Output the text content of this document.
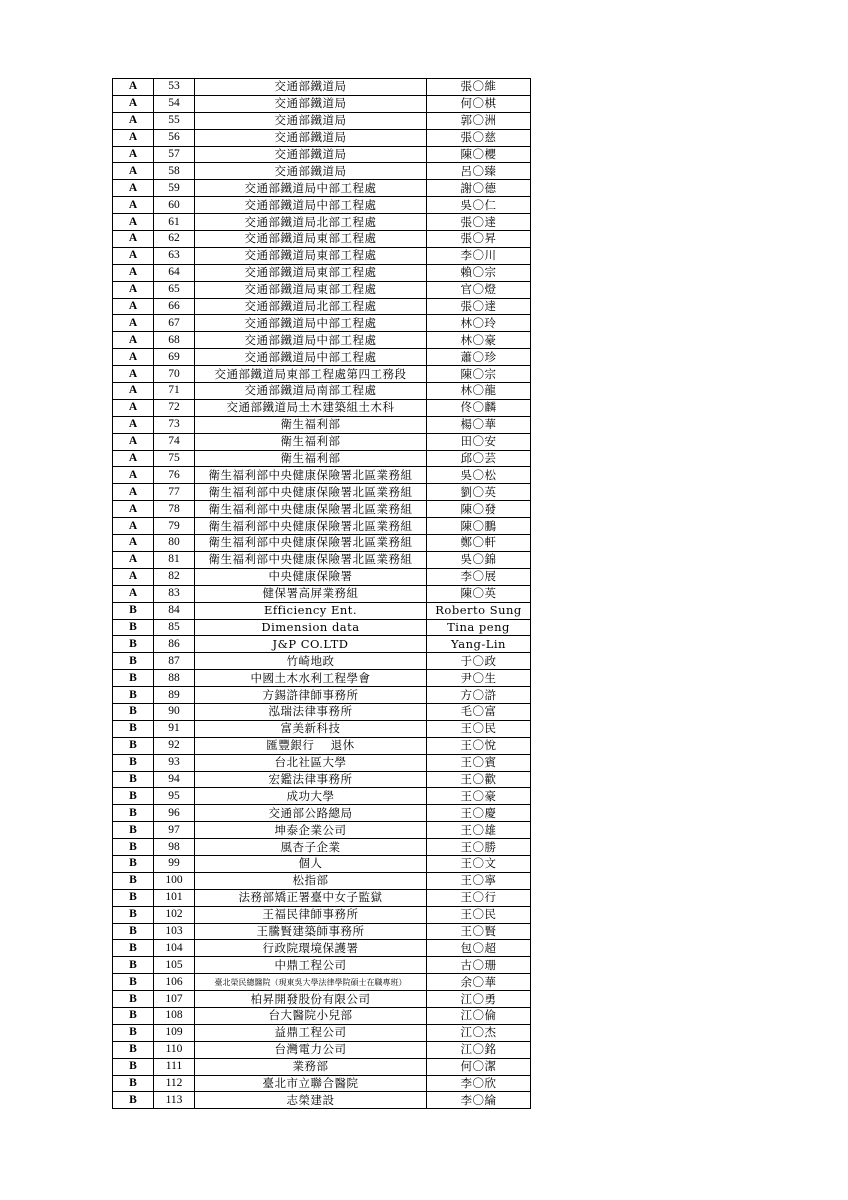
A	53	交通部鐵道局	張〇維
A	54	交通部鐵道局	何〇棋
A	55	交通部鐵道局	郭〇洲
A	56	交通部鐵道局	張〇慈
A	57	交通部鐵道局	陳〇櫻
A	58	交通部鐵道局	呂〇臻
A	59	交通部鐵道局中部工程處	謝〇德
A	60	交通部鐵道局中部工程處	吳〇仁
A	61	交通部鐵道局北部工程處	張〇達
A	62	交通部鐵道局東部工程處	張〇昇
A	63	交通部鐵道局東部工程處	李〇川
A	64	交通部鐵道局東部工程處	賴〇宗
A	65	交通部鐵道局東部工程處	官〇燈
A	66	交通部鐵道局北部工程處	張〇達
A	67	交通部鐵道局中部工程處	林〇玲
A	68	交通部鐵道局中部工程處	林〇豪
A	69	交通部鐵道局中部工程處	蕭〇珍
A	70	交通部鐵道局東部工程處第四工務段	陳〇宗
A	71	交通部鐵道局南部工程處	林〇龍
A	72	交通部鐵道局土木建築組土木科	佟〇麟
A	73	衛生福利部	楊〇華
A	74	衛生福利部	田〇安
A	75	衛生福利部	邱〇芸
A	76	衛生福利部中央健康保險署北區業務組	吳〇松
A	77	衛生福利部中央健康保險署北區業務組	劉〇英
A	78	衛生福利部中央健康保險署北區業務組	陳〇發
A	79	衛生福利部中央健康保險署北區業務組	陳〇鵬
A	80	衛生福利部中央健康保險署北區業務組	鄭〇軒
A	81	衛生福利部中央健康保險署北區業務組	吳〇錦
A	82	中央健康保險署	李〇展
A	83	健保署高屏業務組	陳〇英
B	84	Efficiency Ent.	Roberto Sung
B	85	Dimension data	Tina peng
B	86	J&P CO.LTD	Yang-Lin
B	87	竹崎地政	于〇政
B	88	中國土木水利工程學會	尹〇生
B	89	方錫滸律師事務所	方〇滸
B	90	泓瑞法律事務所	毛〇富
B	91	富美新科技	王〇民
B	92	匯豐銀行　 退休	王〇悅
B	93	台北社區大學	王〇賓
B	94	宏鑑法律事務所	王〇歡
B	95	成功大學	王〇豪
B	96	交通部公路總局	王〇慶
B	97	坤泰企業公司	王〇雄
B	98	風杏子企業	王〇勝
B	99	個人	王〇文
B	100	松指部	王〇寧
B	101	法務部矯正署臺中女子監獄	王〇行
B	102	王福民律師事務所	王〇民
B	103	王騰賢建築師事務所	王〇賢
B	104	行政院環境保護署	包〇超
B	105	中鼎工程公司	古〇珊
B	106	臺北榮民總醫院（現東吳大學法律學院碩士在職專班）	余〇華
B	107	柏昇開發股份有限公司	江〇勇
B	108	台大醫院小兒部	江〇倫
B	109	益鼎工程公司	江〇杰
B	110	台灣電力公司	江〇銘
B	111	業務部	何〇潔
B	112	臺北市立聯合醫院	李〇欣
B	113	志榮建設	李〇綸
